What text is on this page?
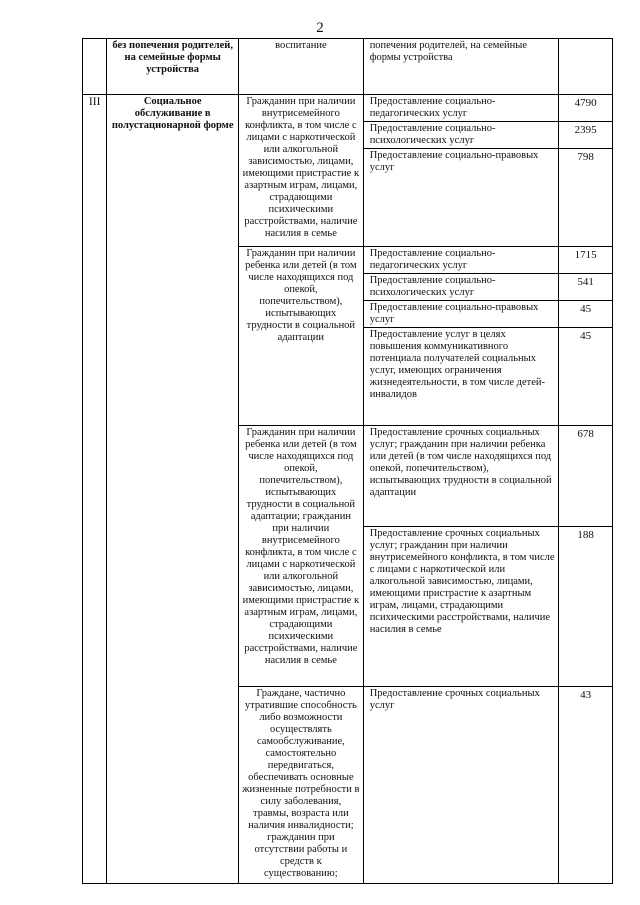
2
	без попечения родителей, на семейные формы устройства	воспитание	попечения родителей, на семейные формы устройства	
III	Социальное обслуживание в полустационарной форме	Гражданин при наличии внутрисемейного конфликта, в том числе с лицами с наркотической или алкогольной зависимостью, лицами, имеющими пристрастие к азартным играм, лицами, страдающими психическими расстройствами, наличие насилия в семье	Предоставление социально-педагогических услуг	4790
			Предоставление социально-психологических услуг	2395
			Предоставление социально-правовых услуг	798
		Гражданин при наличии ребенка или детей (в том числе находящихся под опекой, попечительством), испытывающих трудности в социальной адаптации	Предоставление социально-педагогических услуг	1715
			Предоставление социально-психологических услуг	541
			Предоставление социально-правовых услуг	45
			Предоставление услуг в целях повышения коммуникативного потенциала получателей социальных услуг, имеющих ограничения жизнедеятельности, в том числе детей-инвалидов	45
		Гражданин при наличии ребенка или детей (в том числе находящихся под опекой, попечительством), испытывающих трудности в социальной адаптации; гражданин при наличии внутрисемейного конфликта, в том числе с лицами с наркотической или алкогольной зависимостью, лицами, имеющими пристрастие к азартным играм, лицами, страдающими психическими расстройствами, наличие насилия в семье	Предоставление срочных социальных услуг; гражданин при наличии ребенка или детей (в том числе находящихся под опекой, попечительством), испытывающих трудности в социальной адаптации	678
			Предоставление срочных социальных услуг; гражданин при наличии внутрисемейного конфликта, в том числе с лицами с наркотической или алкогольной зависимостью, лицами, имеющими пристрастие к азартным играм, лицами, страдающими психическими расстройствами, наличие насилия в семье	188
		Граждане, частично утратившие способность либо возможности осуществлять самообслуживание, самостоятельно передвигаться, обеспечивать основные жизненные потребности в силу заболевания, травмы, возраста или наличия инвалидности; гражданин при отсутствии работы и средств к существованию;	Предоставление срочных социальных услуг	43
